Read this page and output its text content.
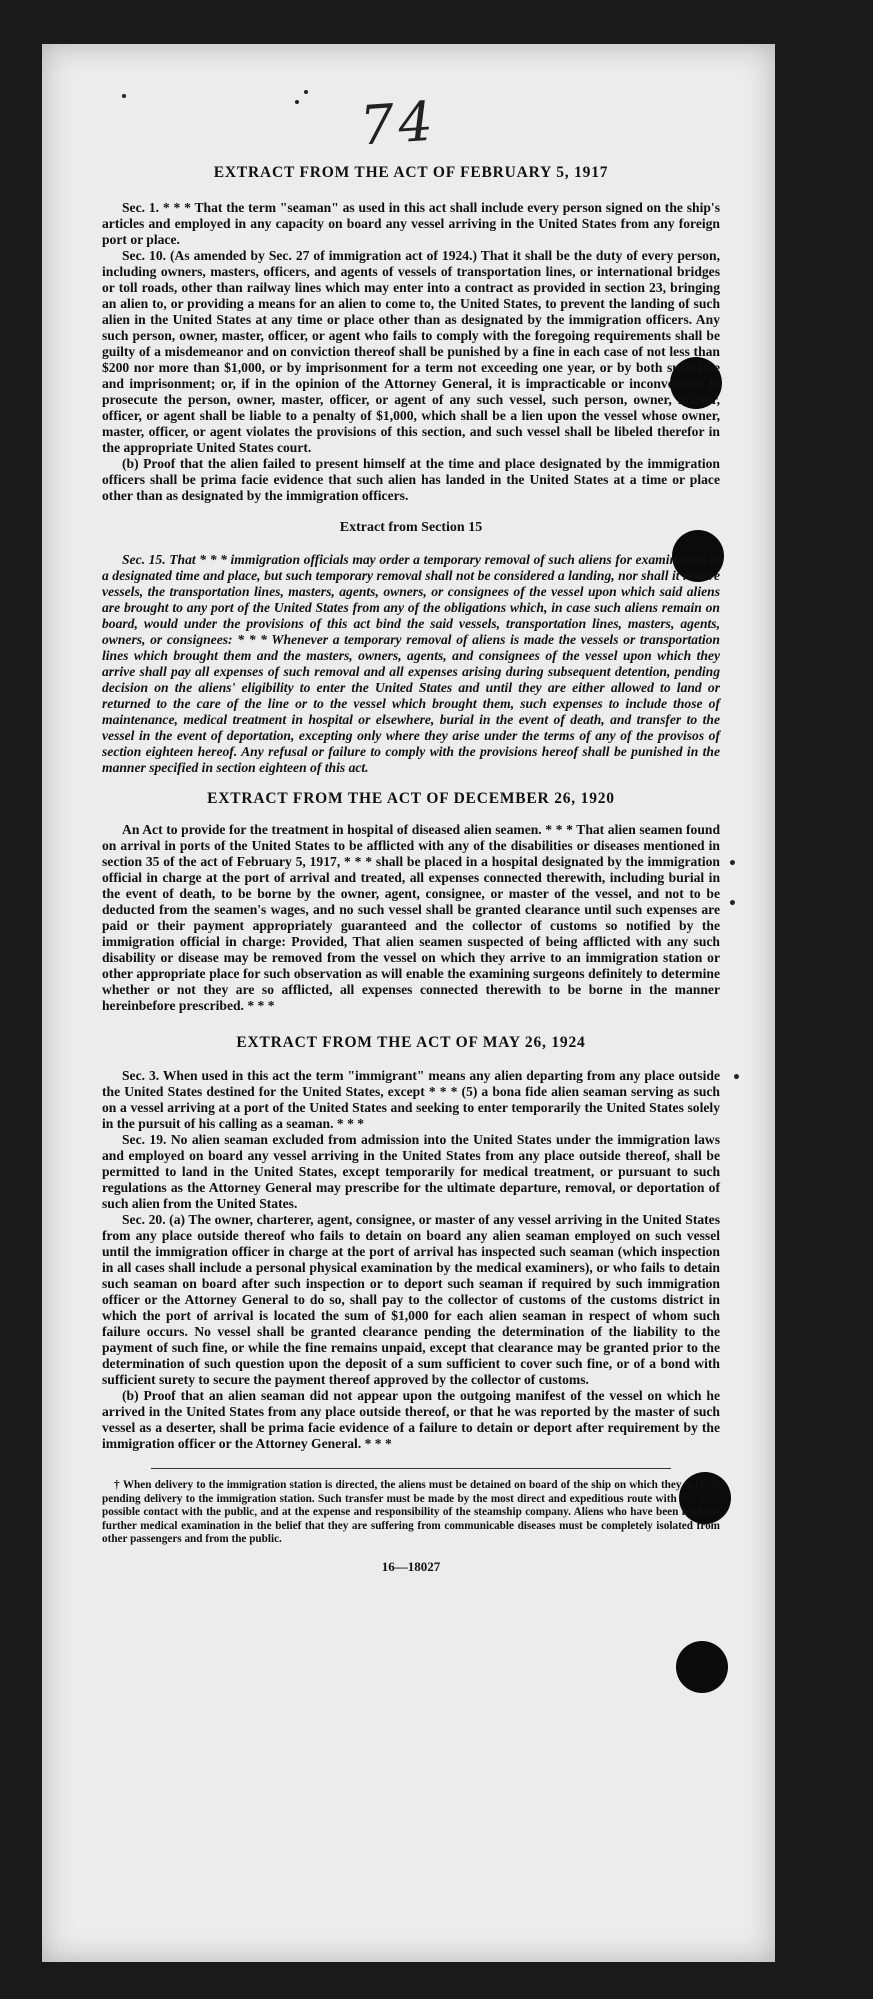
74
•
•
•
EXTRACT FROM THE ACT OF FEBRUARY 5, 1917

Sec. 1. * * * That the term "seaman" as used in this act shall include every person signed on the ship's articles and employed in any capacity on board any vessel arriving in the United States from any foreign port or place.

Sec. 10. (As amended by Sec. 27 of immigration act of 1924.) That it shall be the duty of every person, including owners, masters, officers, and agents of vessels of transportation lines, or international bridges or toll roads, other than railway lines which may enter into a contract as provided in section 23, bringing an alien to, or providing a means for an alien to come to, the United States, to prevent the landing of such alien in the United States at any time or place other than as designated by the immigration officers. Any such person, owner, master, officer, or agent who fails to comply with the foregoing requirements shall be guilty of a misdemeanor and on conviction thereof shall be punished by a fine in each case of not less than $200 nor more than $1,000, or by imprisonment for a term not exceeding one year, or by both such fine and imprisonment; or, if in the opinion of the Attorney General, it is impracticable or inconvenient to prosecute the person, owner, master, officer, or agent of any such vessel, such person, owner, master, officer, or agent shall be liable to a penalty of $1,000, which shall be a lien upon the vessel whose owner, master, officer, or agent violates the provisions of this section, and such vessel shall be libeled therefor in the appropriate United States court.

(b) Proof that the alien failed to present himself at the time and place designated by the immigration officers shall be prima facie evidence that such alien has landed in the United States at a time or place other than as designated by the immigration officers.

Extract from Section 15

Sec. 15. That * * * immigration officials may order a temporary removal of such aliens for examination at a designated time and place, but such temporary removal shall not be considered a landing, nor shall it relieve vessels, the transportation lines, masters, agents, owners, or consignees of the vessel upon which said aliens are brought to any port of the United States from any of the obligations which, in case such aliens remain on board, would under the provisions of this act bind the said vessels, transportation lines, masters, agents, owners, or consignees: * * * Whenever a temporary removal of aliens is made the vessels or transportation lines which brought them and the masters, owners, agents, and consignees of the vessel upon which they arrive shall pay all expenses of such removal and all expenses arising during subsequent detention, pending decision on the aliens' eligibility to enter the United States and until they are either allowed to land or returned to the care of the line or to the vessel which brought them, such expenses to include those of maintenance, medical treatment in hospital or elsewhere, burial in the event of death, and transfer to the vessel in the event of deportation, excepting only where they arise under the terms of any of the provisos of section eighteen hereof. Any refusal or failure to comply with the provisions hereof shall be punished in the manner specified in section eighteen of this act.

EXTRACT FROM THE ACT OF DECEMBER 26, 1920

An Act to provide for the treatment in hospital of diseased alien seamen. * * * That alien seamen found on arrival in ports of the United States to be afflicted with any of the disabilities or diseases mentioned in section 35 of the act of February 5, 1917, * * * shall be placed in a hospital designated by the immigration official in charge at the port of arrival and treated, all expenses connected therewith, including burial in the event of death, to be borne by the owner, agent, consignee, or master of the vessel, and not to be deducted from the seamen's wages, and no such vessel shall be granted clearance until such expenses are paid or their payment appropriately guaranteed and the collector of customs so notified by the immigration official in charge: Provided, That alien seamen suspected of being afflicted with any such disability or disease may be removed from the vessel on which they arrive to an immigration station or other appropriate place for such observation as will enable the examining surgeons definitely to determine whether or not they are so afflicted, all expenses connected therewith to be borne in the manner hereinbefore prescribed. * * *

EXTRACT FROM THE ACT OF MAY 26, 1924

Sec. 3. When used in this act the term "immigrant" means any alien departing from any place outside the United States destined for the United States, except * * * (5) a bona fide alien seaman serving as such on a vessel arriving at a port of the United States and seeking to enter temporarily the United States solely in the pursuit of his calling as a seaman. * * *

Sec. 19. No alien seaman excluded from admission into the United States under the immigration laws and employed on board any vessel arriving in the United States from any place outside thereof, shall be permitted to land in the United States, except temporarily for medical treatment, or pursuant to such regulations as the Attorney General may prescribe for the ultimate departure, removal, or deportation of such alien from the United States.

Sec. 20. (a) The owner, charterer, agent, consignee, or master of any vessel arriving in the United States from any place outside thereof who fails to detain on board any alien seaman employed on such vessel until the immigration officer in charge at the port of arrival has inspected such seaman (which inspection in all cases shall include a personal physical examination by the medical examiners), or who fails to detain such seaman on board after such inspection or to deport such seaman if required by such immigration officer or the Attorney General to do so, shall pay to the collector of customs of the customs district in which the port of arrival is located the sum of $1,000 for each alien seaman in respect of whom such failure occurs. No vessel shall be granted clearance pending the determination of the liability to the payment of such fine, or while the fine remains unpaid, except that clearance may be granted prior to the determination of such question upon the deposit of a sum sufficient to cover such fine, or of a bond with sufficient surety to secure the payment thereof approved by the collector of customs.

(b) Proof that an alien seaman did not appear upon the outgoing manifest of the vessel on which he arrived in the United States from any place outside thereof, or that he was reported by the master of such vessel as a deserter, shall be prima facie evidence of a failure to detain or deport after requirement by the immigration officer or the Attorney General. * * *

† When delivery to the immigration station is directed, the aliens must be detained on board of the ship on which they arrived pending delivery to the immigration station. Such transfer must be made by the most direct and expeditious route with the least possible contact with the public, and at the expense and responsibility of the steamship company. Aliens who have been held for further medical examination in the belief that they are suffering from communicable diseases must be completely isolated from other passengers and from the public.

16—18027
